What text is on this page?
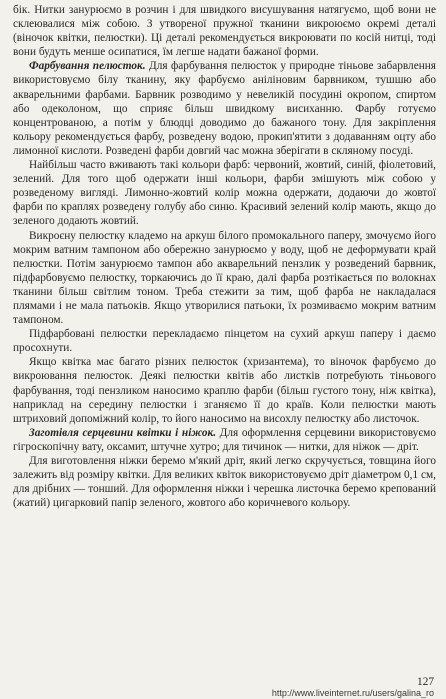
бік. Нитки занурюємо в розчин і для швидкого висушування натягуємо, щоб вони не склеювалися між собою. З утвореної пружної тканини викроюємо окремі деталі (віночок квітки, пелюстки). Ці деталі рекомендується викроювати по косій нитці, тоді вони будуть менше осипатися, їм легше надати бажаної форми.

Фарбування пелюсток. Для фарбування пелюсток у природне тіньове забарвлення використовуємо білу тканину, яку фарбуємо аніліновим барвником, тушшю або акварельними фарбами. Барвник розводимо у невеликій посудині окропом, спиртом або одеколоном, що сприяє більш швидкому висиханню. Фарбу готуємо концентрованою, а потім у блюдці доводимо до бажаного тону. Для закріплення кольору рекомендується фарбу, розведену водою, прокип'ятити з додаванням оцту або лимонної кислоти. Розведені фарби довгий час можна зберігати в скляному посуді.

Найбільш часто вживають такі кольори фарб: червоний, жовтий, синій, фіолетовий, зелений. Для того щоб одержати інші кольори, фарби змішують між собою у розведеному вигляді. Лимонно-жовтий колір можна одержати, додаючи до жовтої фарби по краплях розведену голубу або синю. Красивий зелений колір мають, якщо до зеленого додають жовтий.

Викроєну пелюстку кладемо на аркуш білого промокального паперу, змочуємо його мокрим ватним тампоном або обережно занурюємо у воду, щоб не деформувати край пелюстки. Потім занурюємо тампон або акварельний пензлик у розведений барвник, підфарбовуємо пелюстку, торкаючись до її краю, далі фарба розтікається по волокнах тканини більш світлим тоном. Треба стежити за тим, щоб фарба не накладалася плямами і не мала патьоків. Якщо утворилися патьоки, їх розмиваємо мокрим ватним тампоном.

Підфарбовані пелюстки перекладаємо пінцетом на сухий аркуш паперу і даємо просохнути.

Якщо квітка має багато різних пелюсток (хризантема), то віночок фарбуємо до викроювання пелюсток. Деякі пелюстки квітів або листків потребують тіньового фарбування, тоді пензликом наносимо краплю фарби (більш густого тону, ніж квітка), наприклад на середину пелюстки і зганяємо її до країв. Коли пелюстки мають штриховий допоміжний колір, то його наносимо на висохлу пелюстку або листочок.

Заготівля серцевини квітки і ніжок. Для оформлення серцевини використовуємо гігроскопічну вату, оксамит, штучне хутро; для тичинок — нитки, для ніжок — дріт.

Для виготовлення ніжки беремо м'який дріт, який легко скручується, товщина його залежить від розміру квітки. Для великих квіток використовуємо дріт діаметром 0,1 см, для дрібних — тонший. Для оформлення ніжки і черешка листочка беремо крепований (жатий) цигарковий папір зеленого, жовтого або коричневого кольору.

127
http://www.liveinternet.ru/users/galina_ro
